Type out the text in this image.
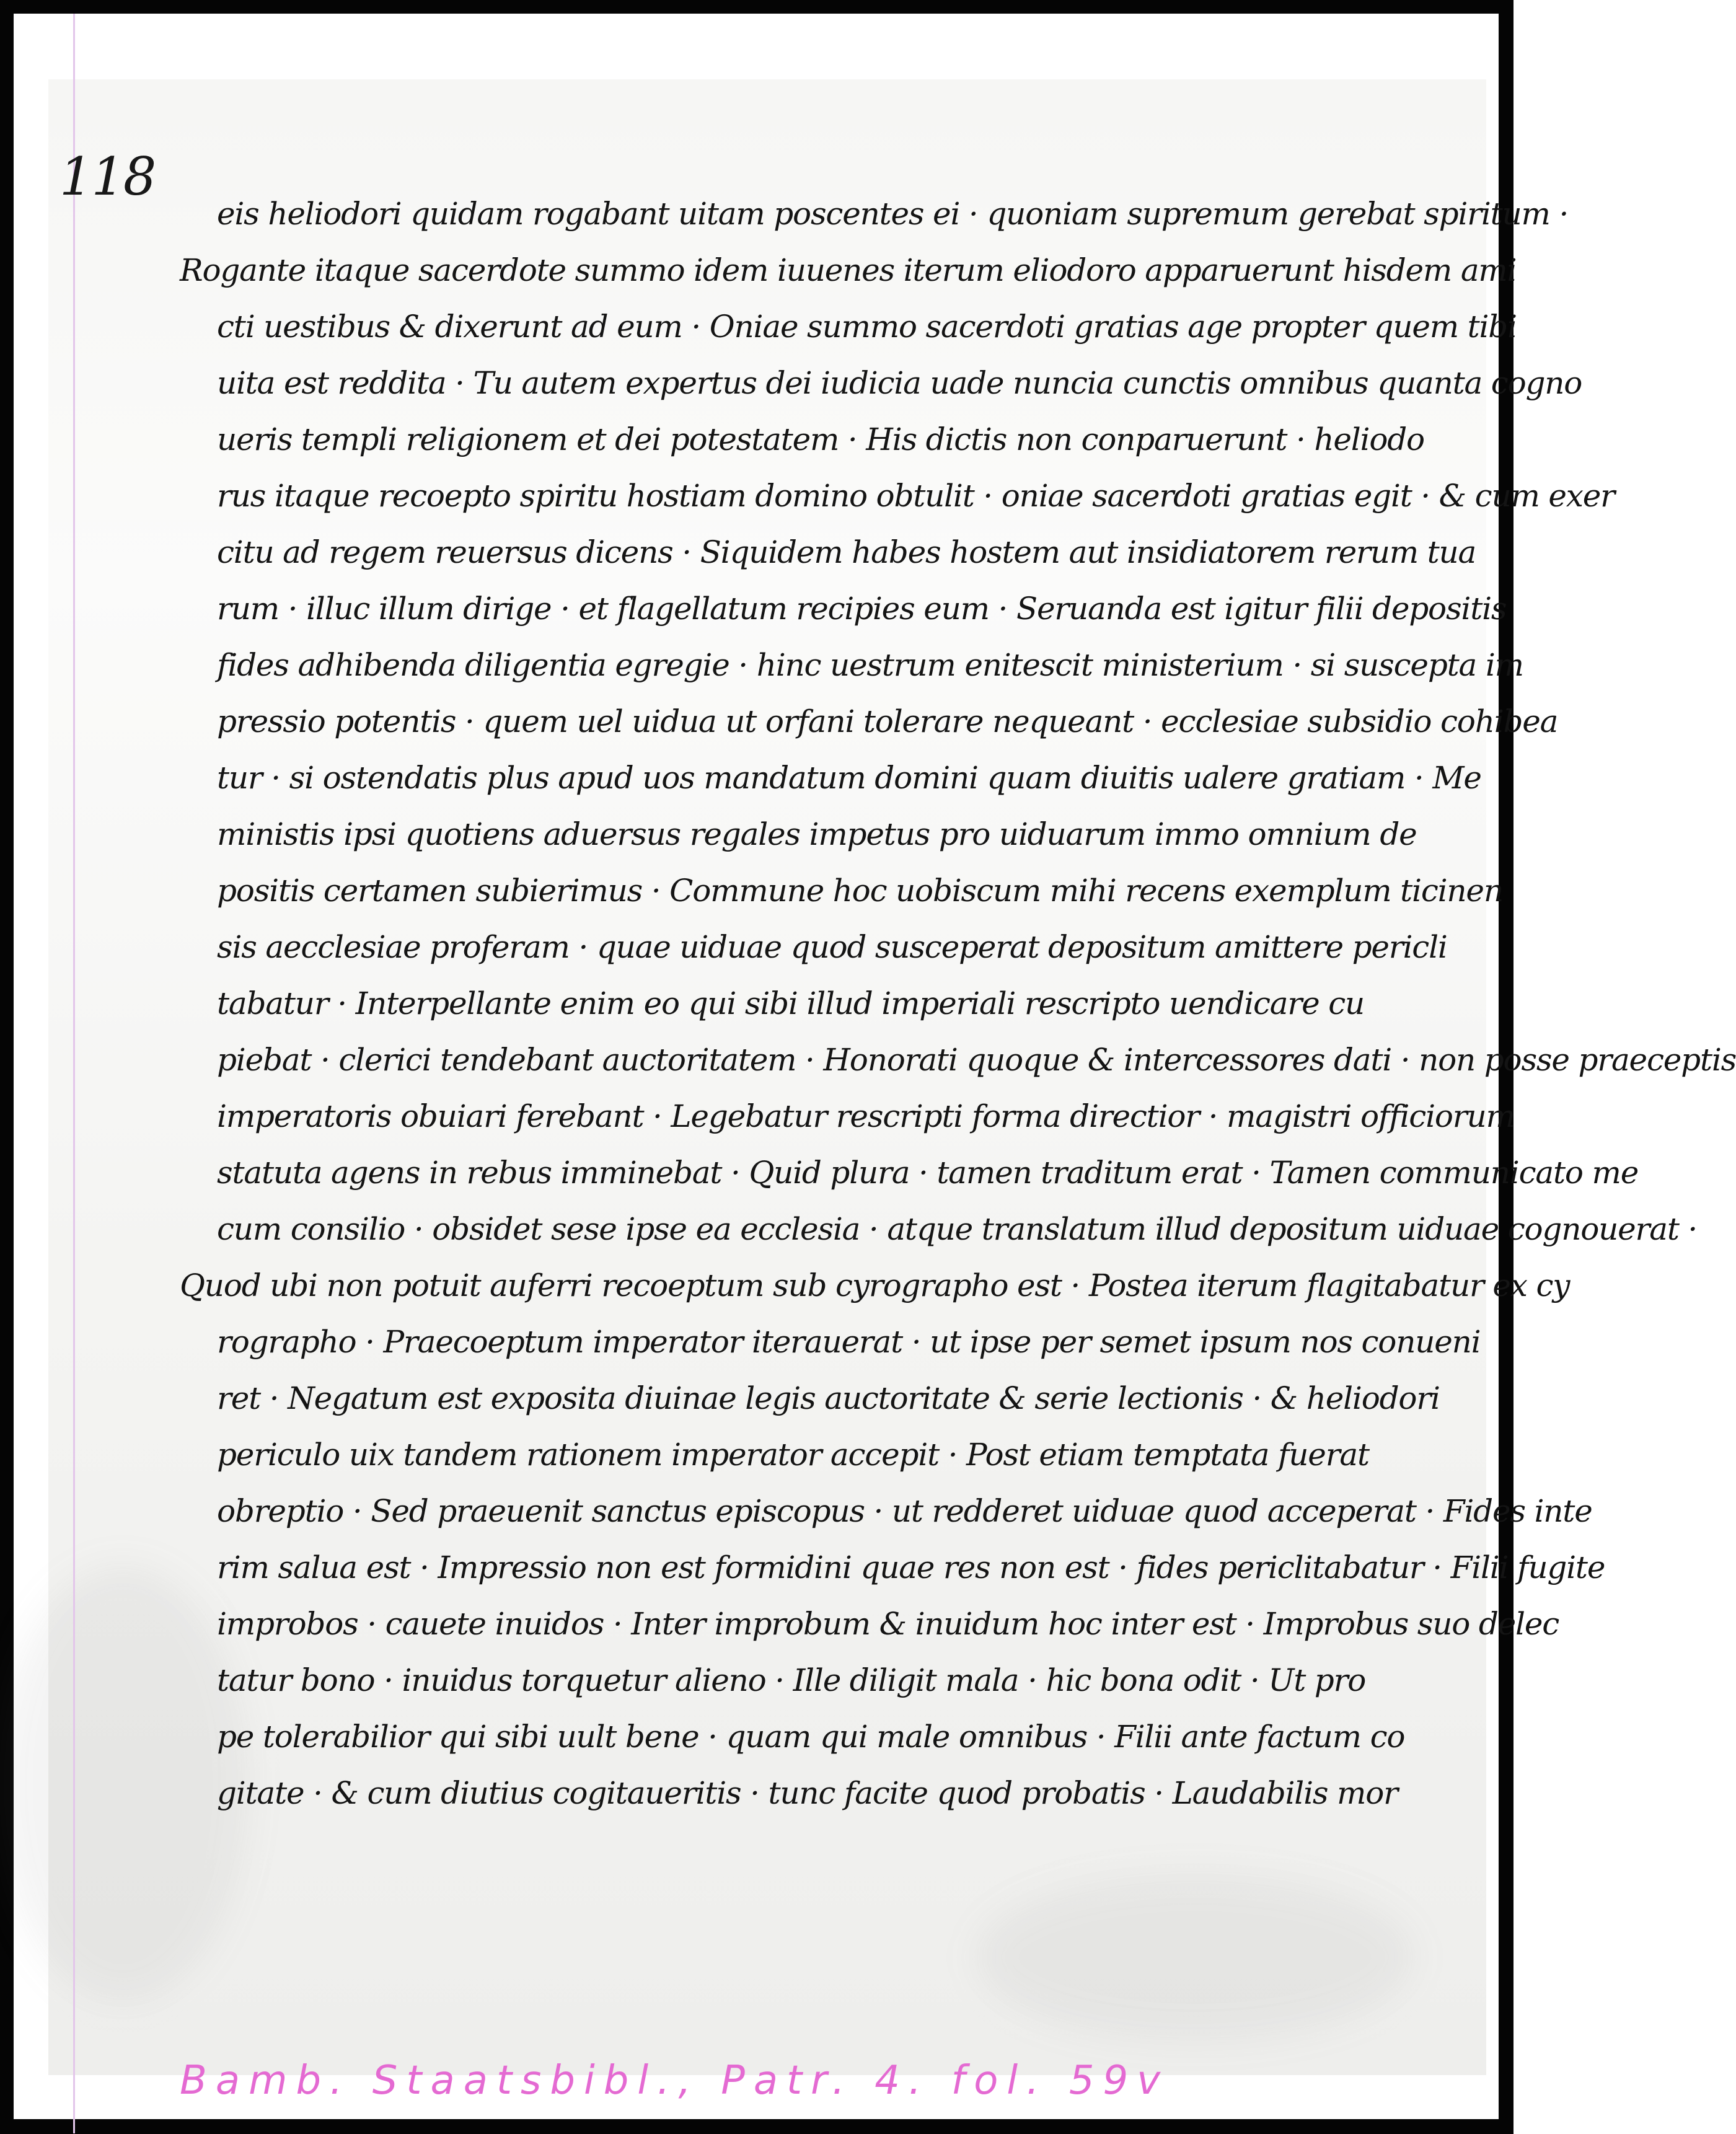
118
eis heliodori quidam rogabant uitam poscentes ei · quoniam supremum gerebat spiritum ·
Rogante itaque sacerdote summo idem iuuenes iterum eliodoro apparuerunt hisdem ami
cti uestibus & dixerunt ad eum · Oniae summo sacerdoti gratias age propter quem tibi
uita est reddita · Tu autem expertus dei iudicia uade nuncia cunctis omnibus quanta cogno
ueris templi religionem et dei potestatem · His dictis non conparuerunt · heliodo
rus itaque recoepto spiritu hostiam domino obtulit · oniae sacerdoti gratias egit · & cum exer
citu ad regem reuersus dicens · Siquidem habes hostem aut insidiatorem rerum tua
rum · illuc illum dirige · et flagellatum recipies eum · Seruanda est igitur filii depositis
fides adhibenda diligentia egregie · hinc uestrum enitescit ministerium · si suscepta im
pressio potentis · quem uel uidua ut orfani tolerare nequeant · ecclesiae subsidio cohibea
tur · si ostendatis plus apud uos mandatum domini quam diuitis ualere gratiam · Me
ministis ipsi quotiens aduersus regales impetus pro uiduarum immo omnium de
positis certamen subierimus · Commune hoc uobiscum mihi recens exemplum ticinen
sis aecclesiae proferam · quae uiduae quod susceperat depositum amittere pericli
tabatur · Interpellante enim eo qui sibi illud imperiali rescripto uendicare cu
piebat · clerici tendebant auctoritatem · Honorati quoque & intercessores dati · non posse praeceptis
imperatoris obuiari ferebant · Legebatur rescripti forma directior · magistri officiorum
statuta agens in rebus imminebat · Quid plura · tamen traditum erat · Tamen communicato me
cum consilio · obsidet sese ipse ea ecclesia · atque translatum illud depositum uiduae cognouerat ·
Quod ubi non potuit auferri recoeptum sub cyrographo est · Postea iterum flagitabatur ex cy
rographo · Praecoeptum imperator iterauerat · ut ipse per semet ipsum nos conueni
ret · Negatum est exposita diuinae legis auctoritate & serie lectionis · & heliodori
periculo uix tandem rationem imperator accepit · Post etiam temptata fuerat
obreptio · Sed praeuenit sanctus episcopus · ut redderet uiduae quod acceperat · Fides inte
rim salua est · Impressio non est formidini quae res non est · fides periclitabatur · Filii fugite
improbos · cauete inuidos · Inter improbum & inuidum hoc inter est · Improbus suo delec
tatur bono · inuidus torquetur alieno · Ille diligit mala · hic bona odit · Ut pro
pe tolerabilior qui sibi uult bene · quam qui male omnibus · Filii ante factum co
gitate · & cum diutius cogitaueritis · tunc facite quod probatis · Laudabilis mor
Bamb. Staatsbibl., Patr. 4. fol. 59v
